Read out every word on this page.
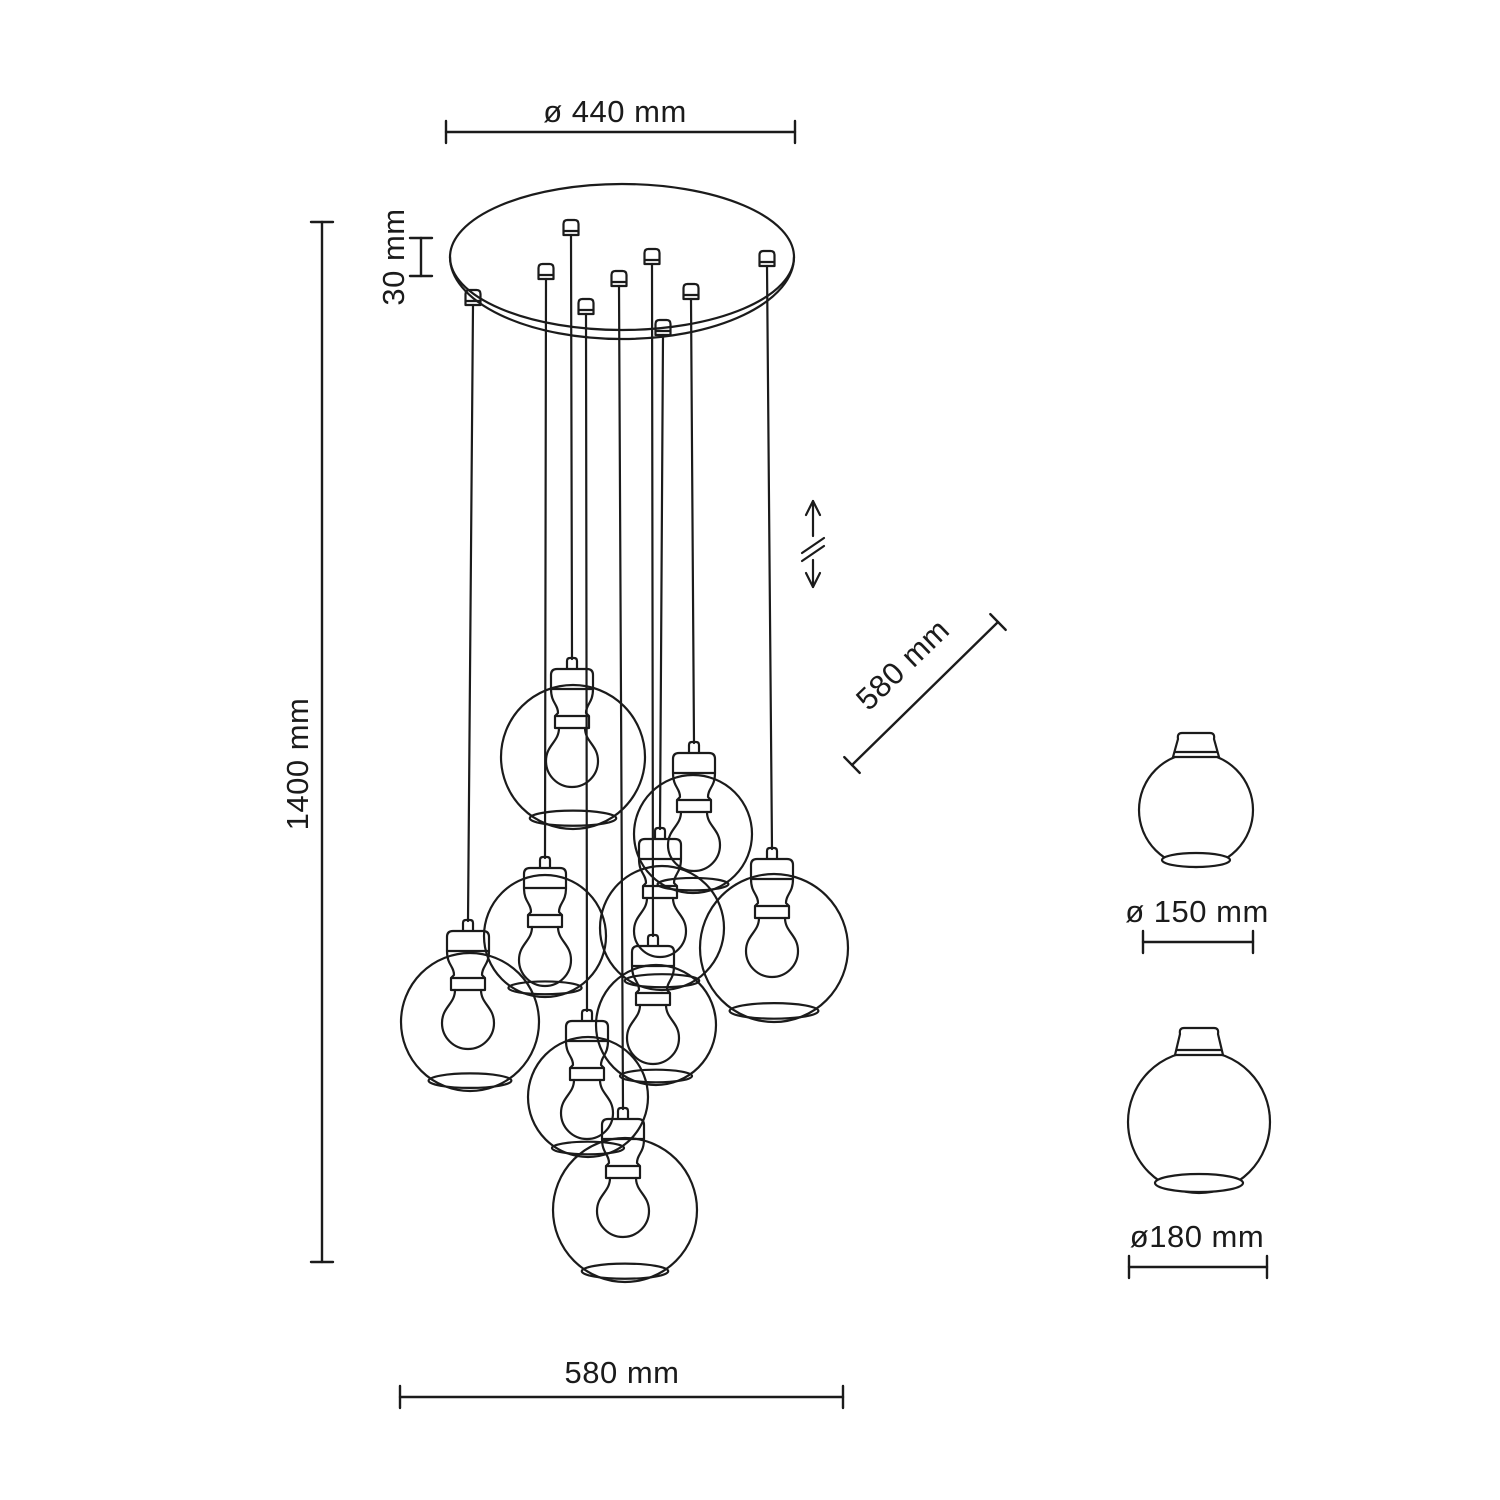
ø 440 mm
30 mm
1400 mm
580 mm
580 mm
ø 150 mm
ø180 mm
